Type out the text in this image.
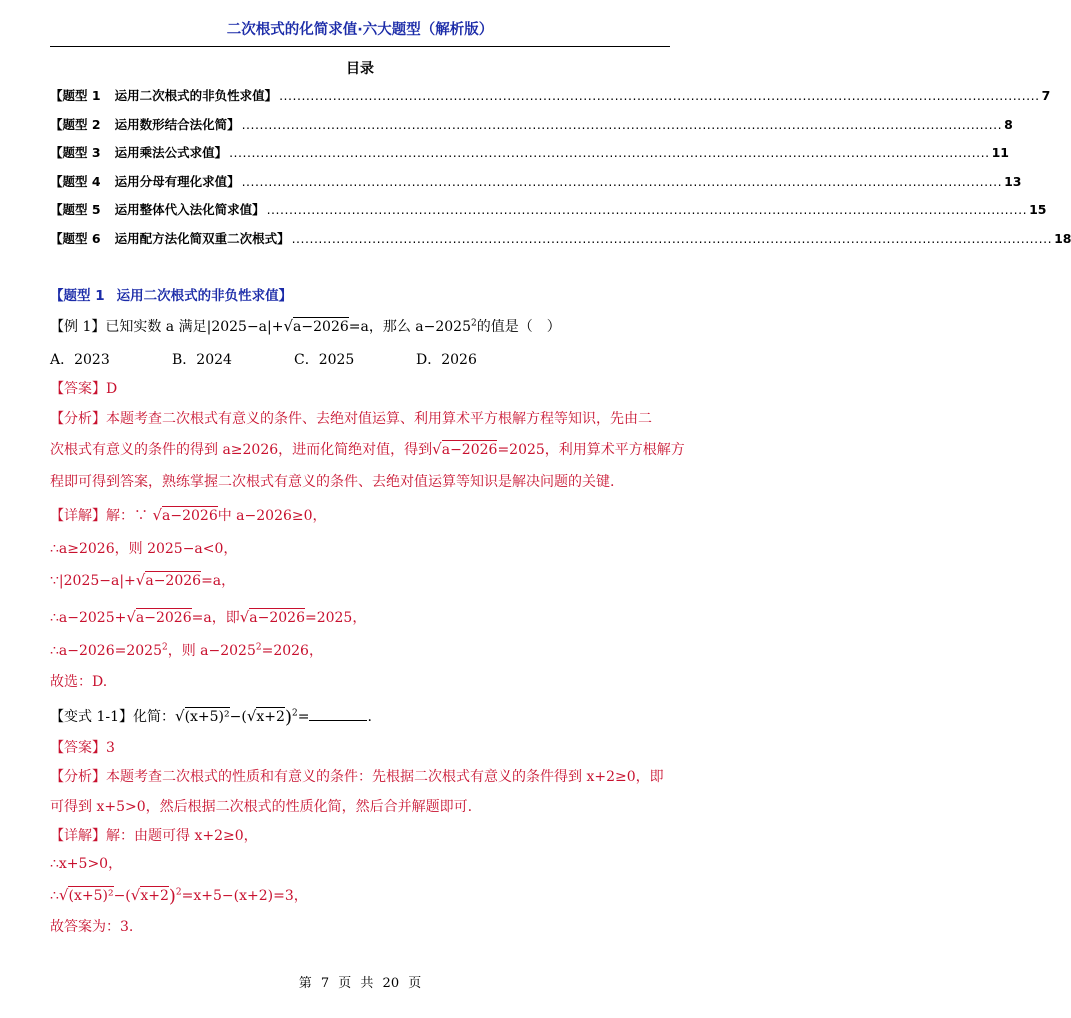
二次根式的化简求值·六大题型（解析版）
目录
【题型 1 运用二次根式的非负性求值】 .......................................................................................................................................................................... 7
【题型 2 运用数形结合法化简】 .......................................................................................................................................................................... 8
【题型 3 运用乘法公式求值】 .......................................................................................................................................................................... 11
【题型 4 运用分母有理化求值】 .......................................................................................................................................................................... 13
【题型 5 运用整体代入法化简求值】 .......................................................................................................................................................................... 15
【题型 6 运用配方法化简双重二次根式】 .......................................................................................................................................................................... 18
【题型 1 运用二次根式的非负性求值】
【例 1】已知实数 a 满足|2025−a|+√a−2026=a，那么 $a-2025^2$的值是（　）
A．2023	B．2024	C．2025	D．2026
【答案】D
【分析】本题考查二次根式有意义的条件、去绝对值运算、利用算术平方根解方程等知识，先由二
次根式有意义的条件的得到 a≥2026，进而化简绝对值，得到√a−2026=2025，利用算术平方根解方
程即可得到答案，熟练掌握二次根式有意义的条件、去绝对值运算等知识是解决问题的关键.
【详解】解：∵ √a−2026中 a−2026≥0，
∴a≥2026，则 2025−a<0，
∵|2025−a|+√a−2026=a，
∴a−2025+√a−2026=a，即√a−2026=2025，
$\therefore a-2026=2025^2$，则 $a-2025^2=2026$，
故选：D.
【变式 1-1】化简：$√(x+5)^2-(√x+2)^2=$	.
【答案】3
【分析】本题考查二次根式的性质和有意义的条件：先根据二次根式有意义的条件得到 x+2≥0，即
可得到 x+5>0，然后根据二次根式的性质化简，然后合并解题即可.
【详解】解：由题可得 x+2≥0，
∴x+5>0，
$\therefore√(x+5)^2-(√x+2)^2=x+5-(x+2)=3$，
故答案为：3.
第 7 页 共 20 页
